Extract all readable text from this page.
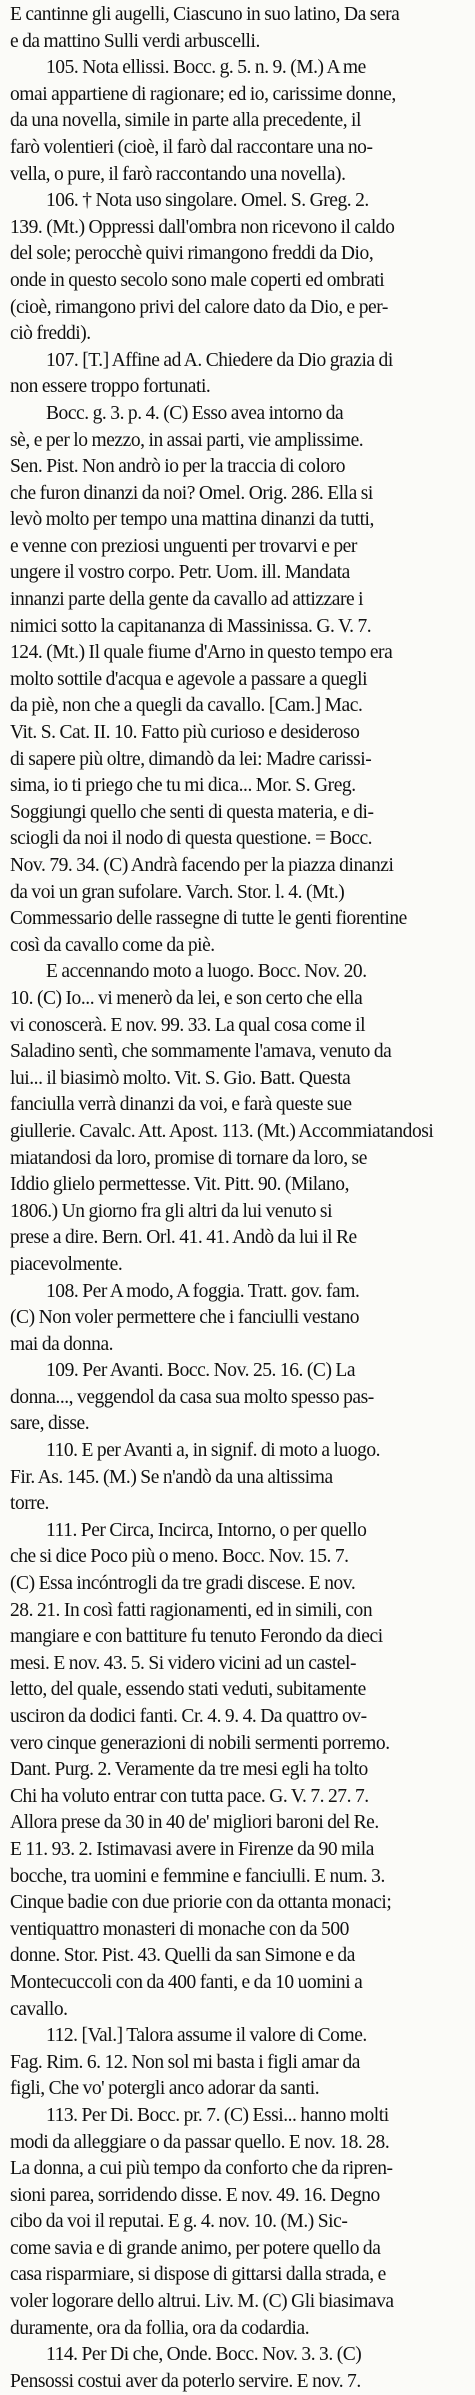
E cantinne gli augelli, Ciascuno in suo latino, Da sera
e da mattino Sulli verdi arbuscelli.
105. Nota ellissi. Bocc. g. 5. n. 9. (M.) A me
omai appartiene di ragionare; ed io, carissime donne,
da una novella, simile in parte alla precedente, il
farò volentieri (cioè, il farò dal raccontare una no-
vella, o pure, il farò raccontando una novella).
106. † Nota uso singolare. Omel. S. Greg. 2.
139. (Mt.) Oppressi dall'ombra non ricevono il caldo
del sole; perocchè quivi rimangono freddi da Dio,
onde in questo secolo sono male coperti ed ombrati
(cioè, rimangono privi del calore dato da Dio, e per-
ciò freddi).
107. [T.] Affine ad A. Chiedere da Dio grazia di
non essere troppo fortunati.
Bocc. g. 3. p. 4. (C) Esso avea intorno da
sè, e per lo mezzo, in assai parti, vie amplissime.
Sen. Pist. Non andrò io per la traccia di coloro
che furon dinanzi da noi? Omel. Orig. 286. Ella si
levò molto per tempo una mattina dinanzi da tutti,
e venne con preziosi unguenti per trovarvi e per
ungere il vostro corpo. Petr. Uom. ill. Mandata
innanzi parte della gente da cavallo ad attizzare i
nimici sotto la capitananza di Massinissa. G. V. 7.
124. (Mt.) Il quale fiume d'Arno in questo tempo era
molto sottile d'acqua e agevole a passare a quegli
da piè, non che a quegli da cavallo. [Cam.] Mac.
Vit. S. Cat. II. 10. Fatto più curioso e desideroso
di sapere più oltre, dimandò da lei: Madre carissi-
sima, io ti priego che tu mi dica... Mor. S. Greg.
Soggiungi quello che senti di questa materia, e di-
sciogli da noi il nodo di questa questione. = Bocc.
Nov. 79. 34. (C) Andrà facendo per la piazza dinanzi
da voi un gran sufolare. Varch. Stor. l. 4. (Mt.)
Commessario delle rassegne di tutte le genti fiorentine
così da cavallo come da piè.
E accennando moto a luogo. Bocc. Nov. 20.
10. (C) Io... vi menerò da lei, e son certo che ella
vi conoscerà. E nov. 99. 33. La qual cosa come il
Saladino sentì, che sommamente l'amava, venuto da
lui... il biasimò molto. Vit. S. Gio. Batt. Questa
fanciulla verrà dinanzi da voi, e farà queste sue
giullerie. Cavalc. Att. Apost. 113. (Mt.) Accommiatandosi
miatandosi da loro, promise di tornare da loro, se
Iddio glielo permettesse. Vit. Pitt. 90. (Milano,
1806.) Un giorno fra gli altri da lui venuto si
prese a dire. Bern. Orl. 41. 41. Andò da lui il Re
piacevolmente.
108. Per A modo, A foggia. Tratt. gov. fam.
(C) Non voler permettere che i fanciulli vestano
mai da donna.
109. Per Avanti. Bocc. Nov. 25. 16. (C) La
donna..., veggendol da casa sua molto spesso pas-
sare, disse.
110. E per Avanti a, in signif. di moto a luogo.
Fir. As. 145. (M.) Se n'andò da una altissima
torre.
111. Per Circa, Incirca, Intorno, o per quello
che si dice Poco più o meno. Bocc. Nov. 15. 7.
(C) Essa incóntrogli da tre gradi discese. E nov.
28. 21. In così fatti ragionamenti, ed in simili, con
mangiare e con battiture fu tenuto Ferondo da dieci
mesi. E nov. 43. 5. Si videro vicini ad un castel-
letto, del quale, essendo stati veduti, subitamente
usciron da dodici fanti. Cr. 4. 9. 4. Da quattro ov-
vero cinque generazioni di nobili sermenti porremo.
Dant. Purg. 2. Veramente da tre mesi egli ha tolto
Chi ha voluto entrar con tutta pace. G. V. 7. 27. 7.
Allora prese da 30 in 40 de' migliori baroni del Re.
E 11. 93. 2. Istimavasi avere in Firenze da 90 mila
bocche, tra uomini e femmine e fanciulli. E num. 3.
Cinque badie con due priorie con da ottanta monaci;
ventiquattro monasteri di monache con da 500
donne. Stor. Pist. 43. Quelli da san Simone e da
Montecuccoli con da 400 fanti, e da 10 uomini a
cavallo.
112. [Val.] Talora assume il valore di Come.
Fag. Rim. 6. 12. Non sol mi basta i figli amar da
figli, Che vo' potergli anco adorar da santi.
113. Per Di. Bocc. pr. 7. (C) Essi... hanno molti
modi da alleggiare o da passar quello. E nov. 18. 28.
La donna, a cui più tempo da conforto che da ripren-
sioni parea, sorridendo disse. E nov. 49. 16. Degno
cibo da voi il reputai. E g. 4. nov. 10. (M.) Sic-
come savia e di grande animo, per potere quello da
casa risparmiare, si dispose di gittarsi dalla strada, e
voler logorare dello altrui. Liv. M. (C) Gli biasimava
duramente, ora da follia, ora da codardia.
114. Per Di che, Onde. Bocc. Nov. 3. 3. (C)
Pensossi costui aver da poterlo servire. E nov. 7.
